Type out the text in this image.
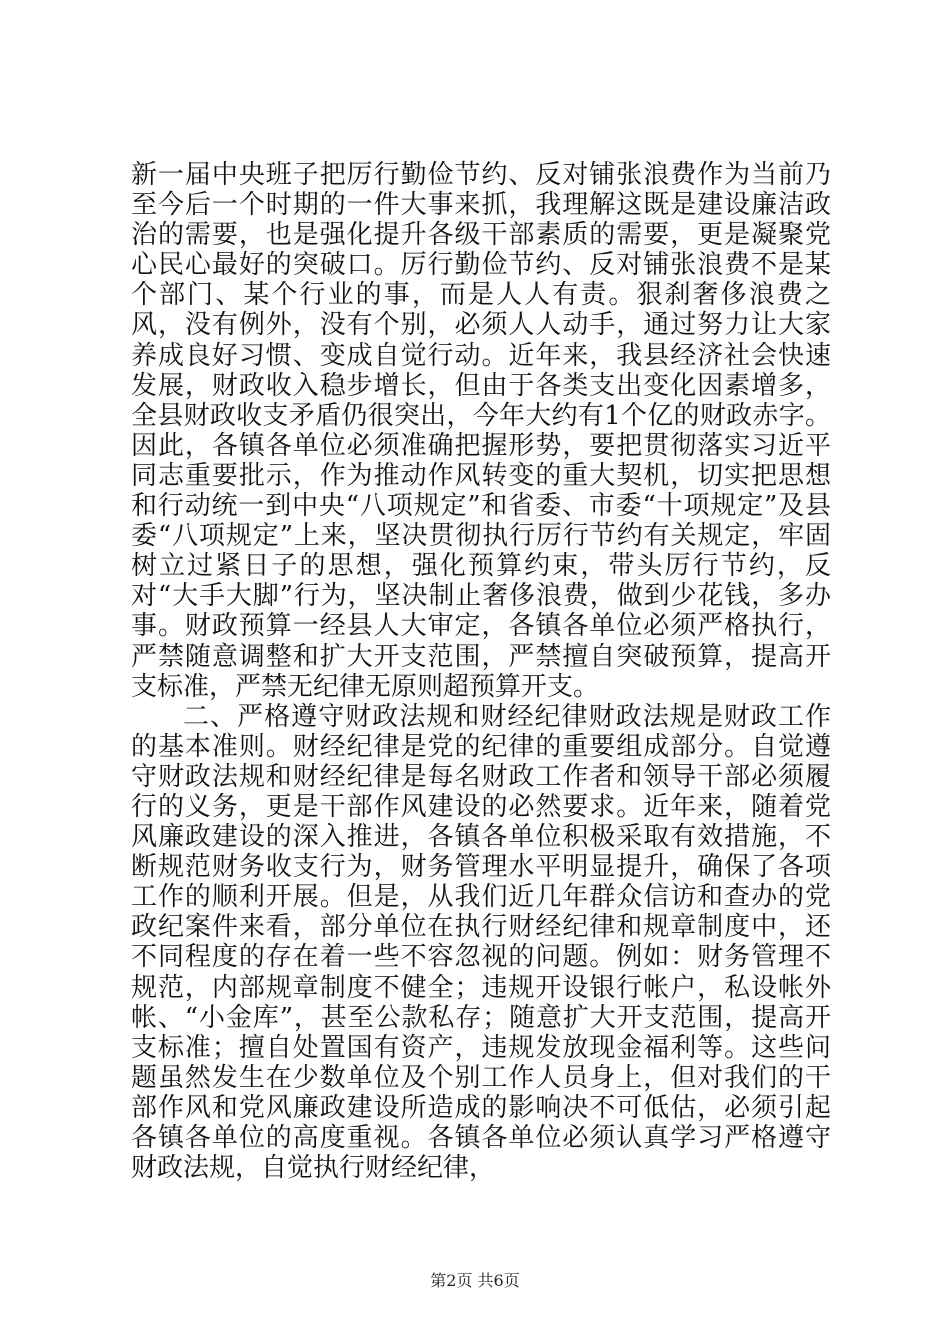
新一届中央班子把厉行勤俭节约、反对铺张浪费作为当前乃至今后一个时期的一件大事来抓，我理解这既是建设廉洁政治的需要，也是强化提升各级干部素质的需要，更是凝聚党心民心最好的突破口。厉行勤俭节约、反对铺张浪费不是某个部门、某个行业的事，而是人人有责。狠刹奢侈浪费之风，没有例外，没有个别，必须人人动手，通过努力让大家养成良好习惯、变成自觉行动。近年来，我县经济社会快速发展，财政收入稳步增长，但由于各类支出变化因素增多，全县财政收支矛盾仍很突出，今年大约有1个亿的财政赤字。因此，各镇各单位必须准确把握形势，要把贯彻落实习近平同志重要批示，作为推动作风转变的重大契机，切实把思想和行动统一到中央“八项规定”和省委、市委“十项规定”及县委“八项规定”上来，坚决贯彻执行厉行节约有关规定，牢固树立过紧日子的思想，强化预算约束，带头厉行节约，反对“大手大脚”行为，坚决制止奢侈浪费，做到少花钱，多办事。财政预算一经县人大审定，各镇各单位必须严格执行，严禁随意调整和扩大开支范围，严禁擅自突破预算，提高开支标准，严禁无纪律无原则超预算开支。

二、严格遵守财政法规和财经纪律财政法规是财政工作的基本准则。财经纪律是党的纪律的重要组成部分。自觉遵守财政法规和财经纪律是每名财政工作者和领导干部必须履行的义务，更是干部作风建设的必然要求。近年来，随着党风廉政建设的深入推进，各镇各单位积极采取有效措施，不断规范财务收支行为，财务管理水平明显提升，确保了各项工作的顺利开展。但是，从我们近几年群众信访和查办的党政纪案件来看，部分单位在执行财经纪律和规章制度中，还不同程度的存在着一些不容忽视的问题。例如：财务管理不规范，内部规章制度不健全；违规开设银行帐户，私设帐外帐、“小金库”，甚至公款私存；随意扩大开支范围，提高开支标准；擅自处置国有资产，违规发放现金福利等。这些问题虽然发生在少数单位及个别工作人员身上，但对我们的干部作风和党风廉政建设所造成的影响决不可低估，必须引起各镇各单位的高度重视。各镇各单位必须认真学习严格遵守财政法规，自觉执行财经纪律，

第2页 共6页
